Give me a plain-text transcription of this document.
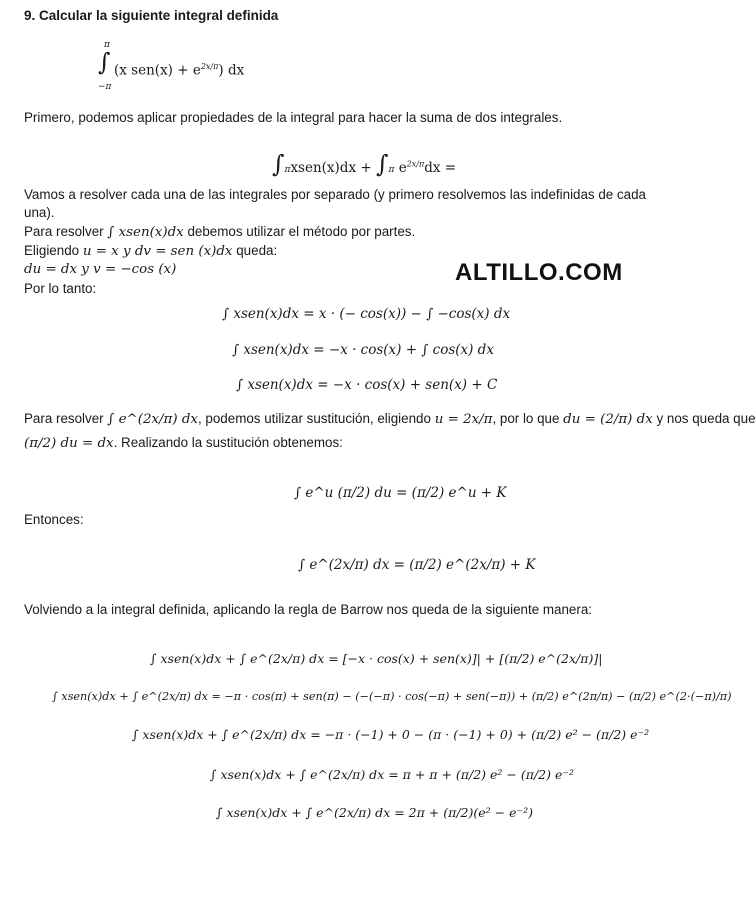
9. Calcular la siguiente integral definida
π
∫
−π
(x $sen(x) + e^{2x/\pi}$) dx
Primero, podemos aplicar propiedades de la integral para hacer la suma de dos integrales.
∫πxsen(x)dx + ∫π $e^{2x/\pi}dx$ =
Vamos a resolver cada una de las integrales por separado (y primero resolvemos las indefinidas de cada
una).
Para resolver ∫ xsen(x)dx debemos utilizar el método por partes.
Eligiendo u = x y dv = sen (x)dx queda:
du = dx y v = −cos (x)	ALTILLO.COM
Por lo tanto:
∫ xsen(x)dx = x · (− cos(x)) − ∫ −cos(x) dx
∫ xsen(x)dx = −x · cos(x) + ∫ cos(x) dx
∫ xsen(x)dx = −x · cos(x) + sen(x) + C
Para resolver ∫ e^(2x/π) dx, podemos utilizar sustitución, eligiendo u = 2x/π, por lo que du = (2/π) dx y nos queda que
(π/2) du = dx. Realizando la sustitución obtenemos:
∫ e^u (π/2) du = (π/2) e^u + K
Entonces:
∫ e^(2x/π) dx = (π/2) e^(2x/π) + K
Volviendo a la integral definida, aplicando la regla de Barrow nos queda de la siguiente manera:
∫ xsen(x)dx + ∫ e^(2x/π) dx = [−x · cos(x) + sen(x)]| + [(π/2) e^(2x/π)]|
∫ xsen(x)dx + ∫ e^(2x/π) dx = −π · cos(π) + sen(π) − (−(−π) · cos(−π) + sen(−π)) + (π/2) e^(2π/π) − (π/2) e^(2·(−π)/π)
∫ xsen(x)dx + ∫ e^(2x/π) dx = −π · (−1) + 0 − (π · (−1) + 0) + (π/2) e² − (π/2) e⁻²
∫ xsen(x)dx + ∫ e^(2x/π) dx = π + π + (π/2) e² − (π/2) e⁻²
∫ xsen(x)dx + ∫ e^(2x/π) dx = 2π + (π/2)(e² − e⁻²)
